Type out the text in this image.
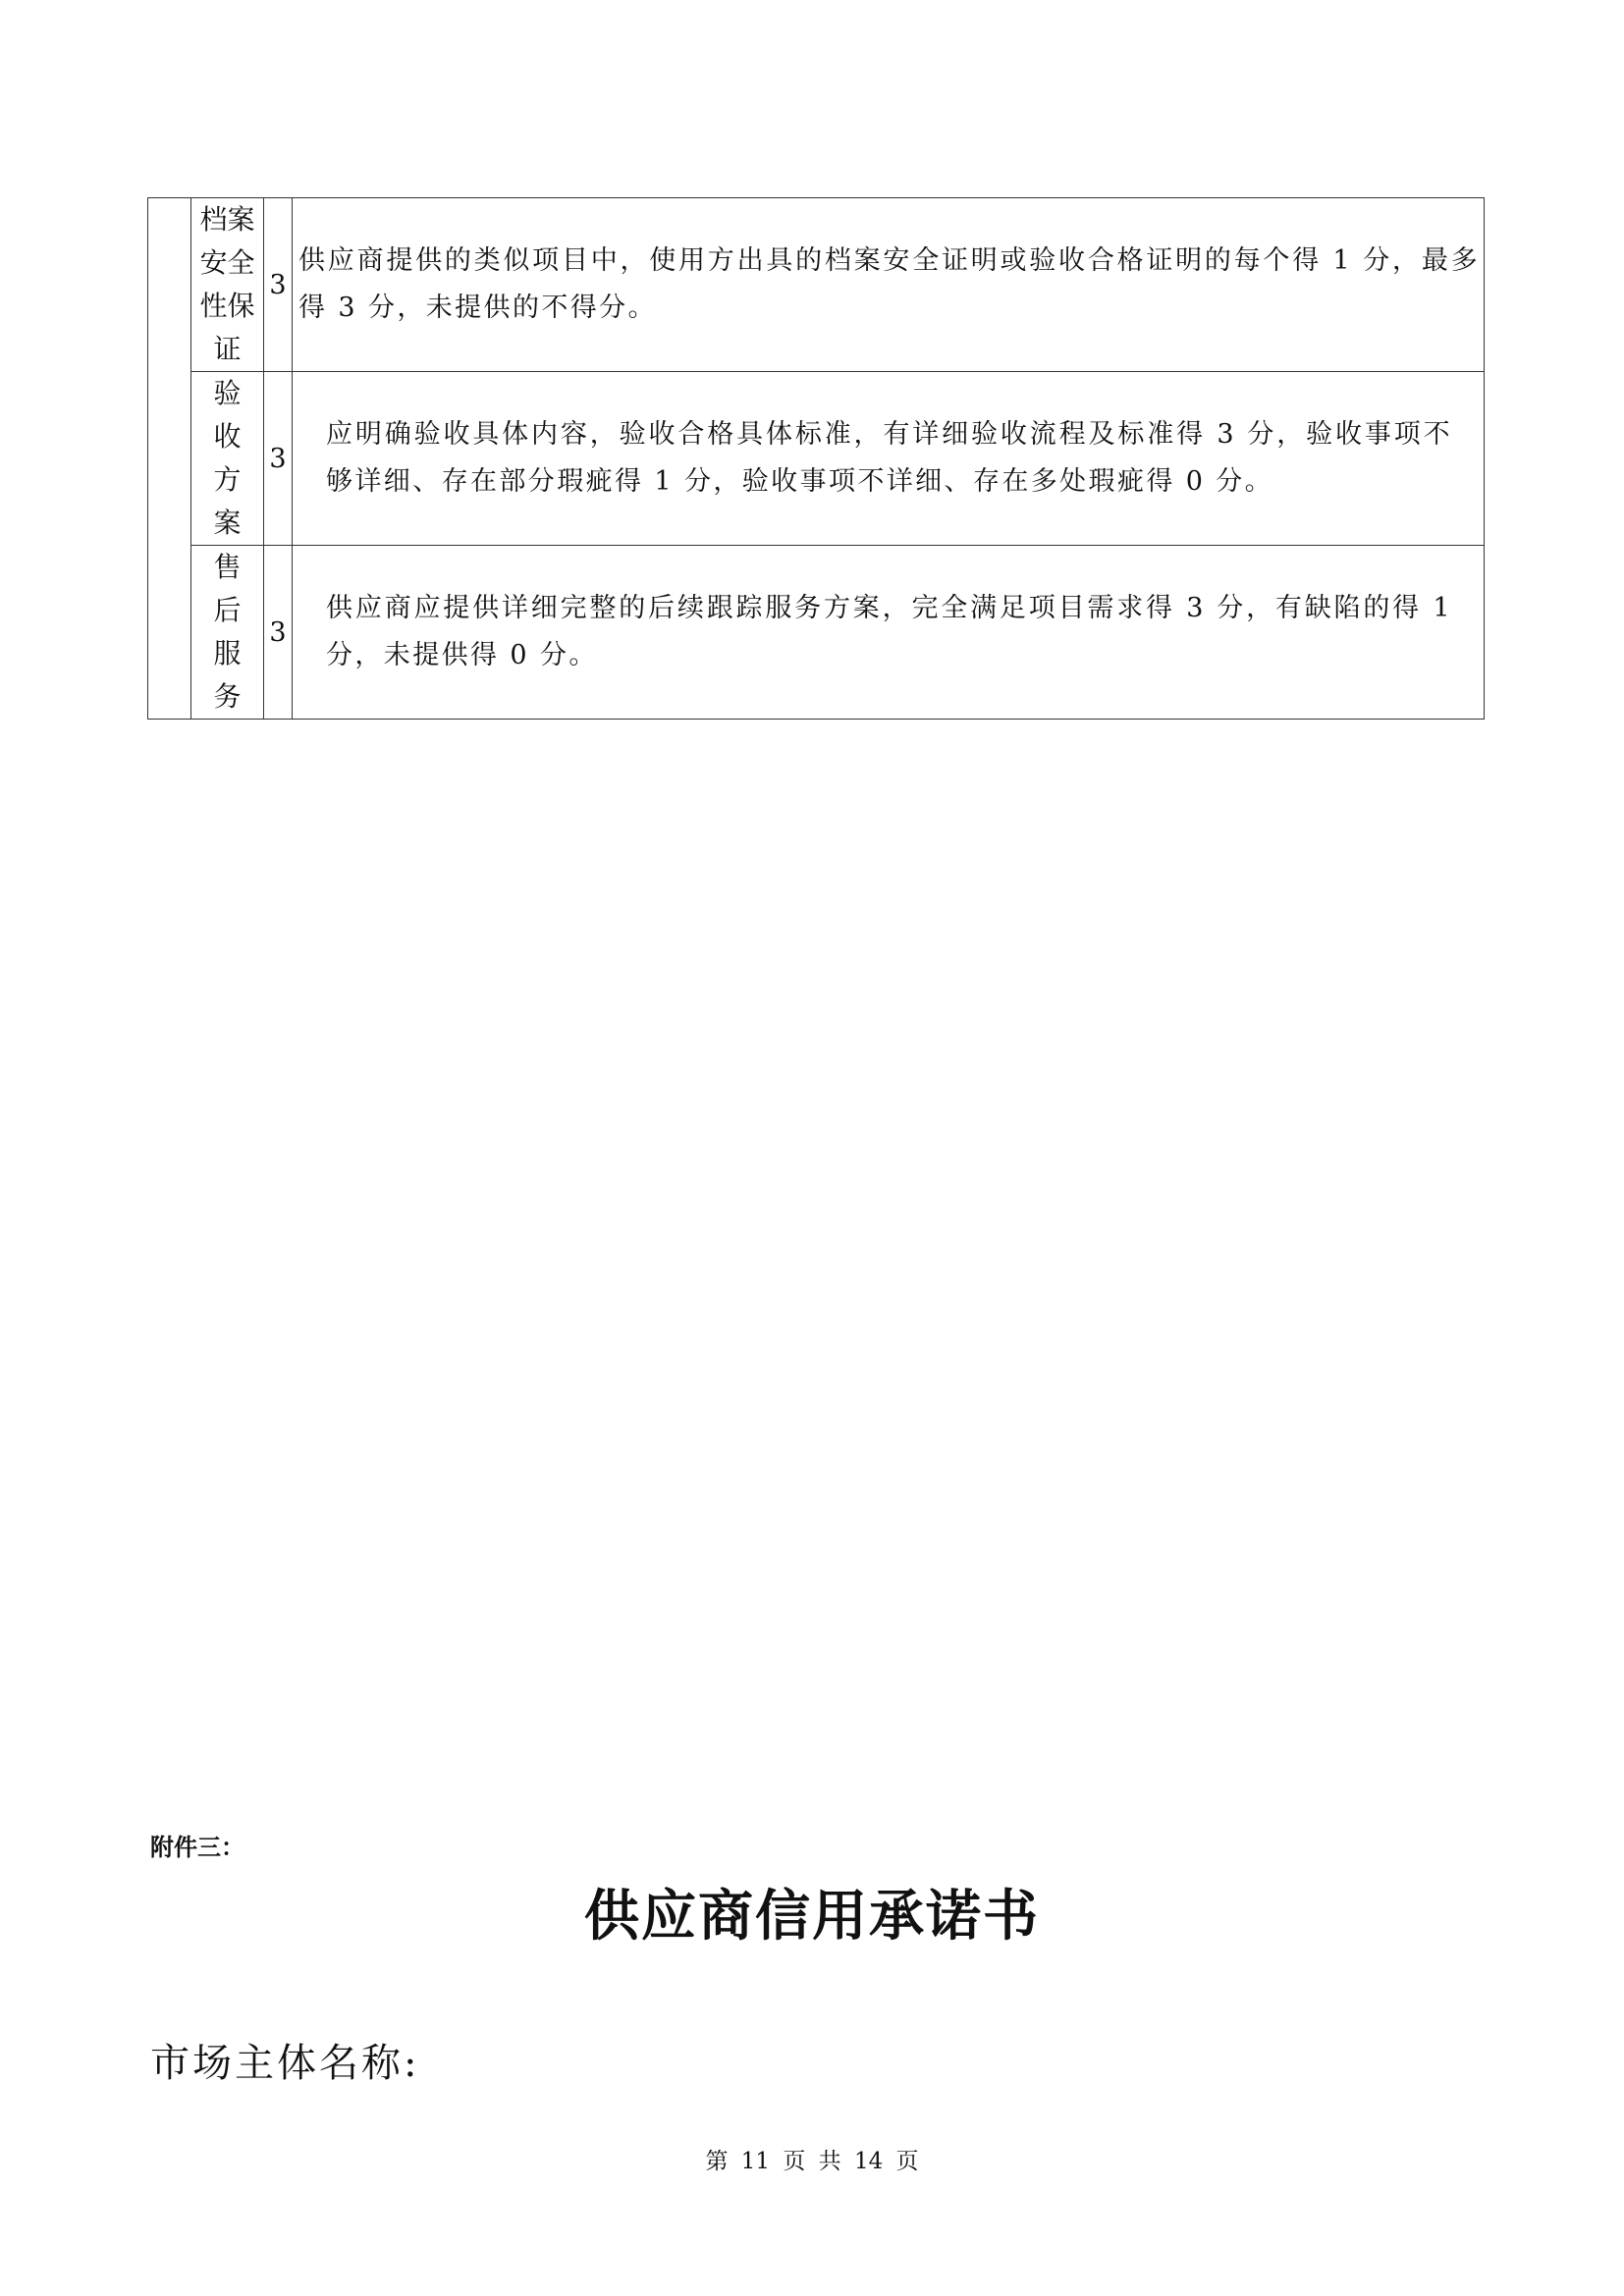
	档案
安全
性保
证	3	供应商提供的类似项目中，使用方出具的档案安全证明或验收合格证明的每个得 1 分，最多得 3 分，未提供的不得分。

	验
收
方
案	3	应明确验收具体内容，验收合格具体标准，有详细验收流程及标准得 3 分，验收事项不够详细、存在部分瑕疵得 1 分，验收事项不详细、存在多处瑕疵得 0 分。

	售
后
服
务	3	供应商应提供详细完整的后续跟踪服务方案，完全满足项目需求得 3 分，有缺陷的得 1 分，未提供得 0 分。
附件三：
供应商信用承诺书
市场主体名称:
第 11 页 共 14 页
